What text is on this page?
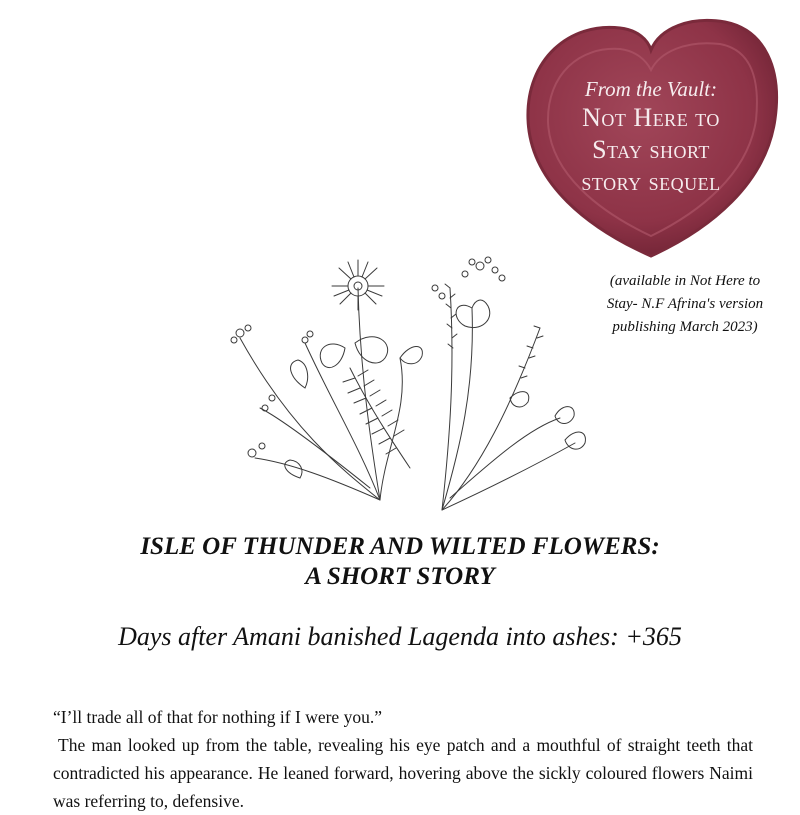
From the Vault:
Not Here to
Stay short
story sequel
(available in Not Here to
Stay- N.F Afrina's version
publishing March 2023)
ISLE OF THUNDER AND WILTED FLOWERS:
A SHORT STORY
Days after Amani banished Lagenda into ashes: +365

“I’ll trade all of that for nothing if I were you.”

The man looked up from the table, revealing his eye patch and a mouthful of straight teeth that contradicted his appearance. He leaned forward, hovering above the sickly coloured flowers Naimi was referring to, defensive.
